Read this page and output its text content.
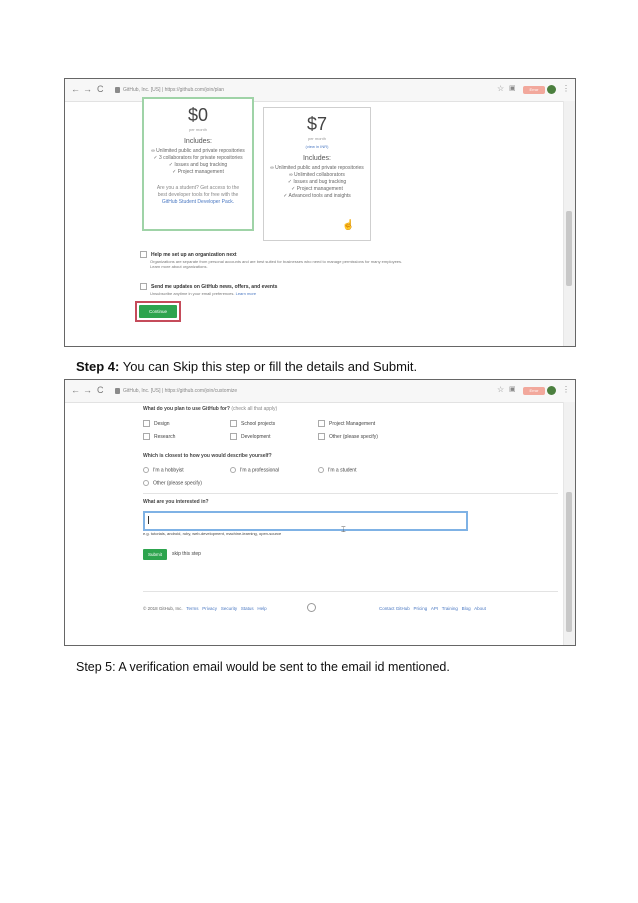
← → C	GitHub, Inc. [US] | https://github.com/join/plan	☆ ▣	Error	⋮
$0
per month
Includes:
∞ Unlimited public and private repositories
✓ 3 collaborators for private repositories
✓ Issues and bug tracking
✓ Project management
Are you a student? Get access to the best developer tools for free with the GitHub Student Developer Pack.
$7
per month
(view in INR)
Includes:
∞ Unlimited public and private repositories
∞ Unlimited collaborators
✓ Issues and bug tracking
✓ Project management
✓ Advanced tools and insights
☝
Help me set up an organization next
Organizations are separate from personal accounts and are best suited for businesses who need to manage permissions for many employees.
Learn more about organizations.
Send me updates on GitHub news, offers, and events
Unsubscribe anytime in your email preferences. Learn more
Continue
Step 4: You can Skip this step or fill the details and Submit.
← → C	GitHub, Inc. [US] | https://github.com/join/customize	☆ ▣	Error	⋮
What do you plan to use GitHub for? (check all that apply)
Design	School projects	Project Management
Research	Development	Other (please specify)
Which is closest to how you would describe yourself?
I'm a hobbyist	I'm a professional	I'm a student
Other (please specify)
What are you interested in?
⌶
e.g. tutorials, android, ruby, web-development, machine-learning, open-source
Submit	skip this step
© 2018 GitHub, Inc. Terms Privacy Security Status Help	Contact GitHub Pricing API Training Blog About
Step 5: A verification email would be sent to the email id mentioned.
